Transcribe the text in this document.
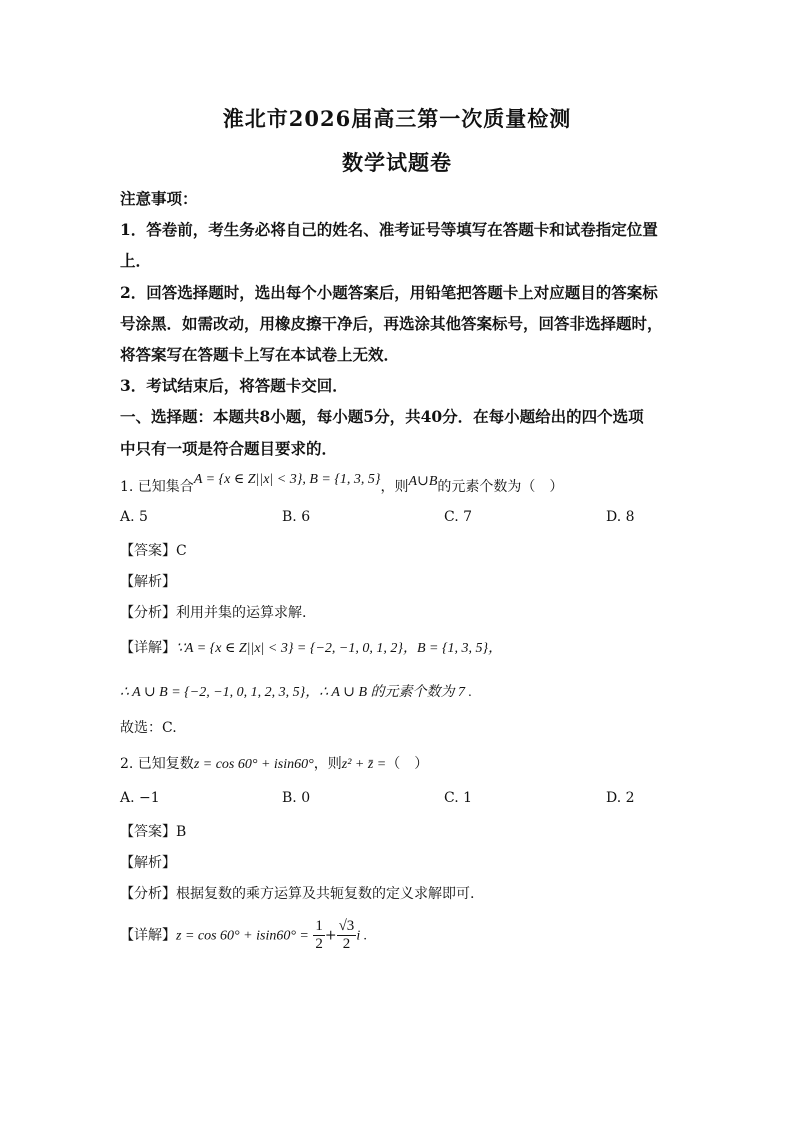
淮北市2026届高三第一次质量检测
数学试题卷
注意事项：
1．答卷前，考生务必将自己的姓名、准考证号等填写在答题卡和试卷指定位置
上．
2．回答选择题时，选出每个小题答案后，用铅笔把答题卡上对应题目的答案标
号涂黑．如需改动，用橡皮擦干净后，再选涂其他答案标号，回答非选择题时，
将答案写在答题卡上写在本试卷上无效．
3．考试结束后，将答题卡交回．
一、选择题：本题共8小题，每小题5分，共40分．在每小题给出的四个选项
中只有一项是符合题目要求的．
1. 已知集合A = {x ∈ Z||x| < 3}, B = {1, 3, 5}，则A∪B的元素个数为（　）
A. 5	B. 6	C. 7	D. 8
【答案】C
【解析】
【分析】利用并集的运算求解.
【详解】∵A = {x ∈ Z||x| < 3} = {−2, −1, 0, 1, 2}，B = {1, 3, 5}，
∴ A ∪ B = {−2, −1, 0, 1, 2, 3, 5}，∴ A ∪ B 的元素个数为 7 .
故选：C.
2. 已知复数z = cos 60° + isin60°，则z² + z̄ =（　）
A. −1	B. 0	C. 1	D. 2
【答案】B
【解析】
【分析】根据复数的乘方运算及共轭复数的定义求解即可.
【详解】$z = \cos 60^\circ + isin60^\circ = \frac{1}{2} + \frac{√3}{2}$ i .
